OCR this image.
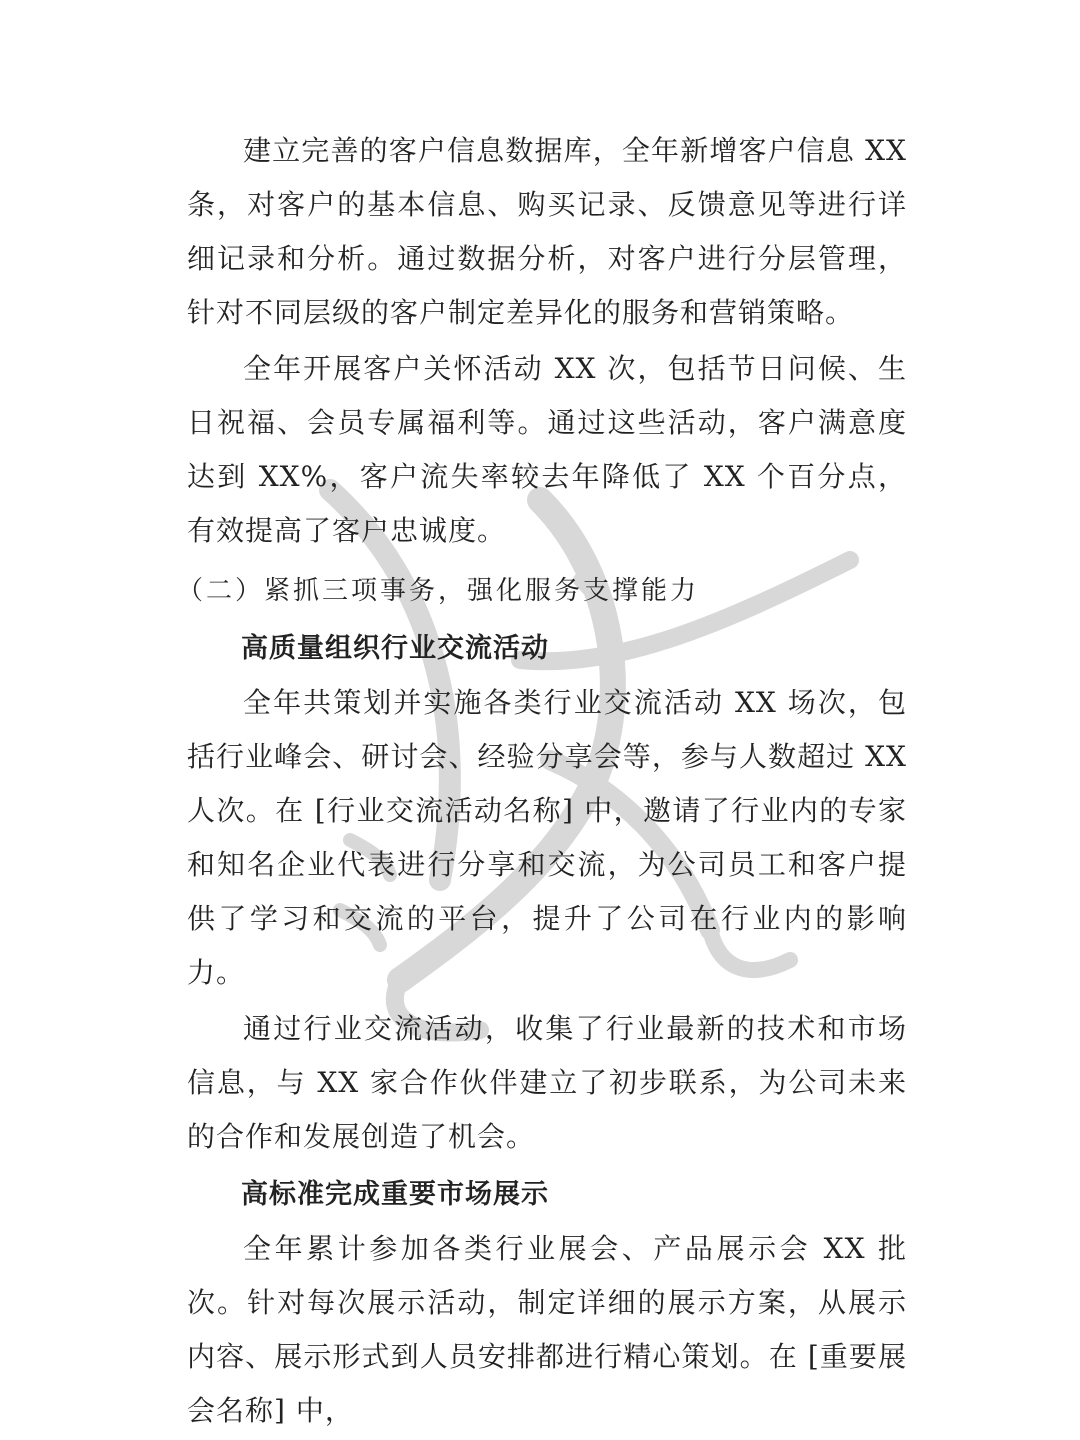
建立完善的客户信息数据库，全年新增客户信息 XX 条，对客户的基本信息、购买记录、反馈意见等进行详细记录和分析。通过数据分析，对客户进行分层管理，针对不同层级的客户制定差异化的服务和营销策略。

全年开展客户关怀活动 XX 次，包括节日问候、生日祝福、会员专属福利等。通过这些活动，客户满意度达到 XX%，客户流失率较去年降低了 XX 个百分点，有效提高了客户忠诚度。

（二）紧抓三项事务，强化服务支撑能力
高质量组织行业交流活动

全年共策划并实施各类行业交流活动 XX 场次，包括行业峰会、研讨会、经验分享会等，参与人数超过 XX 人次。在 [行业交流活动名称] 中，邀请了行业内的专家和知名企业代表进行分享和交流，为公司员工和客户提供了学习和交流的平台，提升了公司在行业内的影响力。

通过行业交流活动，收集了行业最新的技术和市场信息，与 XX 家合作伙伴建立了初步联系，为公司未来的合作和发展创造了机会。

高标准完成重要市场展示

全年累计参加各类行业展会、产品展示会 XX 批次。针对每次展示活动，制定详细的展示方案，从展示内容、展示形式到人员安排都进行精心策划。在 [重要展会名称] 中，
